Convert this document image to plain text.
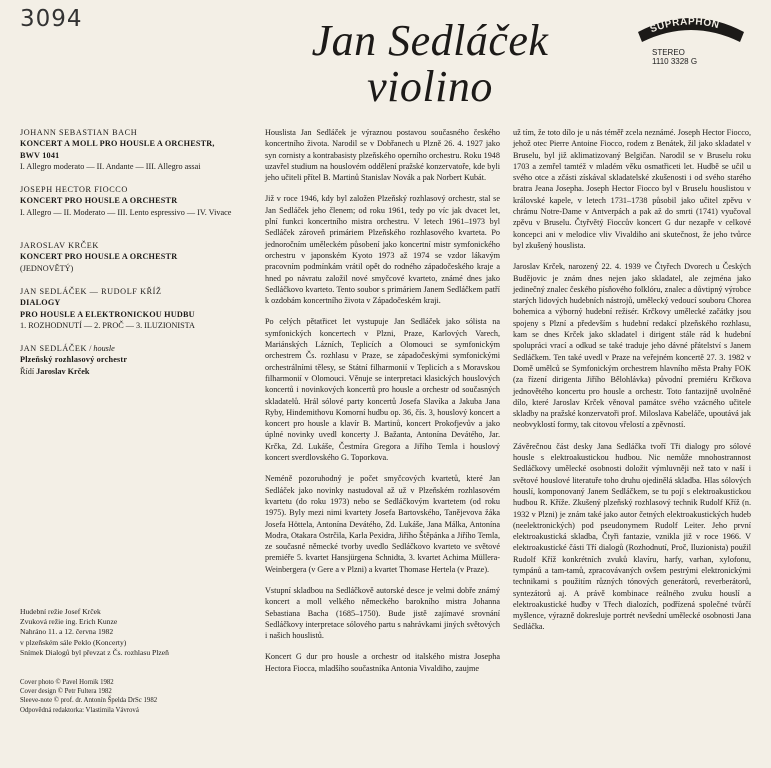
3094	Jan Sedláček
violino
SUPRAPHON
STEREO
1110 3328 G
JOHANN SEBASTIAN BACH
KONCERT A MOLL PRO HOUSLE A ORCHESTR,
BWV 1041
I. Allegro moderato — II. Andante — III. Allegro assai
JOSEPH HECTOR FIOCCO
KONCERT PRO HOUSLE A ORCHESTR
I. Allegro — II. Moderato — III. Lento espressivo — IV. Vivace
JAROSLAV KRČEK
KONCERT PRO HOUSLE A ORCHESTR
(JEDNOVĚTÝ)
JAN SEDLÁČEK — RUDOLF KŘÍŽ
DIALOGY
PRO HOUSLE A ELEKTRONICKOU HUDBU
1. ROZHODNUTÍ — 2. PROČ — 3. ILUZIONISTA
JAN SEDLÁČEK / housle
Plzeňský rozhlasový orchestr
Řídí Jaroslav Krček
Hudební režie Josef Krček
Zvuková režie ing. Erich Kunze
Nahráno 11. a 12. června 1982
v plzeňském sále Peklo (Koncerty)
Snímek Dialogů byl převzat z Čs. rozhlasu Plzeň
Cover photo © Pavel Hornik 1982
Cover design © Petr Fultera 1982
Sleeve-note © prof. dr. Antonín Špelda DrSc 1982
Odpovědná redaktorka: Vlastimila Vávrová

Houslista Jan Sedláček je výraznou postavou současného českého koncertního života. Narodil se v Dobřanech u Plzně 26. 4. 1927 jako syn cornisty a kontrabasisty plzeňského operního orchestru. Roku 1948 uzavřel studium na houslovém oddělení pražské konzervatoře, kde byli jeho učiteli přítel B. Martinů Stanislav Novák a pak Norbert Kubát.

Již v roce 1946, kdy byl založen Plzeňský rozhlasový orchestr, stal se Jan Sedláček jeho členem; od roku 1961, tedy po víc jak dvacet let, plní funkci koncertního mistra orchestru. V letech 1961–1973 byl Sedláček zároveň primáriem Plzeňského rozhlasového kvarteta. Po jednoročním uměleckém působení jako koncertní mistr symfonického orchestru v japonském Kyoto 1973 až 1974 se vzdor lákavým pracovním podmínkám vrátil opět do rodného západočeského kraje a hned po návratu založil nové smyčcové kvarteto, známé dnes jako Sedláčkovo kvarteto. Tento soubor s primáriem Janem Sedláčkem patří k ozdobám koncertního života v Západočeském kraji.

Po celých pětatřicet let vystupuje Jan Sedláček jako sólista na symfonických koncertech v Plzni, Praze, Karlových Varech, Mariánských Lázních, Teplicích a Olomouci se symfonickým orchestrem Čs. rozhlasu v Praze, se západočeskými symfonickými orchestrálními tělesy, se Státní filharmonií v Teplicích a s Moravskou filharmonií v Olomouci. Věnuje se interpretaci klasických houslových koncertů i novinkových koncertů pro housle a orchestr od současných skladatelů. Hrál sólové party koncertů Josefa Slavíka a Jakuba Jana Ryby, Hindemithovu Komorní hudbu op. 36, čís. 3, houslový koncert a koncert pro housle a klavír B. Martinů, koncert Prokofjevův a jako úplné novinky uvedl koncerty J. Bažanta, Antonína Devátého, Jar. Krčka, Zd. Lukáše, Čestmíra Gregora a Jiřího Temla i houslový koncert sverdlovského G. Toporkova.

Neméně pozoruhodný je počet smyčcových kvartetů, které Jan Sedláček jako novinky nastudoval až už v Plzeňském rozhlasovém kvartetu (do roku 1973) nebo se Sedláčkovým kvartetem (od roku 1975). Byly mezi nimi kvartety Josefa Bartovského, Tanějevova žáka Josefa Höttela, Antonína Devátého, Zd. Lukáše, Jana Málka, Antonína Modra, Otakara Ostrčila, Karla Pexidra, Jiřího Štěpánka a Jiřího Temla, ze současné německé tvorby uvedlo Sedláčkovo kvarteto ve světové premiéře 5. kvartet Hansjürgena Schnidta, 3. kvartet Achima Müllera-Weinbergera (v Gere a v Plzni) a kvartet Thomase Hertela (v Praze).

Vstupní skladbou na Sedláčkově autorské desce je velmi dobře známý koncert a moll velkého německého barokního mistra Johanna Sebastiana Bacha (1685–1750). Bude jistě zajímavé srovnání Sedláčkovy interpretace sólového partu s nahrávkami jiných světových i našich houslistů.

Koncert G dur pro housle a orchestr od italského mistra Josepha Hectora Fiocca, mladšího součastníka Antonia Vivaldiho, zaujme

už tím, že toto dílo je u nás téměř zcela neznámé. Joseph Hector Fiocco, jehož otec Pierre Antoine Fiocco, rodem z Benátek, žil jako skladatel v Bruselu, byl již aklimatizovaný Belgičan. Narodil se v Bruselu roku 1703 a zemřel tamtéž v mladém věku osmatřiceti let. Hudbě se učil u svého otce a zčásti získával skladatelské zkušenosti i od svého starého bratra Jeana Josepha. Joseph Hector Fiocco byl v Bruselu houslistou v královské kapele, v letech 1731–1738 působil jako učitel zpěvu v chrámu Notre-Dame v Antverpách a pak až do smrti (1741) vyučoval zpěvu v Bruselu. Čtyřvětý Fioccův koncert G dur nezapře v celkové koncepci ani v melodice vliv Vivaldiho ani skutečnost, že jeho tvůrce byl zkušený houslista.

Jaroslav Krček, narozený 22. 4. 1939 ve Čtyřech Dvorech u Českých Budějovic je znám dnes nejen jako skladatel, ale zejména jako jedinečný znalec českého písňového folklóru, znalec a důvtipný výrobce starých lidových hudebních nástrojů, umělecký vedoucí souboru Chorea bohemica a výborný hudební režisér. Krčkovy umělecké začátky jsou spojeny s Plzní a především s hudební redakcí plzeňského rozhlasu, kam se dnes Krček jako skladatel i dirigent stále rád k hudební spolupráci vrací a odkud se také traduje jeho dávné přátelství s Janem Sedláčkem. Ten také uvedl v Praze na veřejném koncertě 27. 3. 1982 v Domě umělců se Symfonickým orchestrem hlavního města Prahy FOK (za řízení dirigenta Jiřího Bělohlávka) původní premiéru Krčkova jednovětého koncertu pro housle a orchestr. Toto fantazijně uvolněné dílo, které Jaroslav Krček věnoval památce svého vzácného učitele skladby na pražské konzervatoři prof. Miloslava Kabeláče, upoutává jak neobvyklostí formy, tak citovou vřelostí a zpěvností.

Závěrečnou část desky Jana Sedláčka tvoří Tři dialogy pro sólové housle s elektroakustickou hudbou. Nic nemůže mnohostrannost Sedláčkovy umělecké osobnosti doložit výmluvněji než tato v naší i světové houslové literatuře toho druhu ojedinělá skladba. Hlas sólových houslí, komponovaný Janem Sedláčkem, se tu pojí s elektroakustickou hudbou R. Kříže. Zkušený plzeňský rozhlasový technik Rudolf Kříž (n. 1932 v Plzni) je znám také jako autor četných elektroakustických hudeb (neelektronických) pod pseudonymem Rudolf Leiter. Jeho první elektroakustická skladba, Čtyři fantazie, vznikla již v roce 1966. V elektroakustické části Tří dialogů (Rozhodnutí, Proč, Iluzionista) použil Rudolf Kříž konkrétních zvuků klavíru, harfy, varhan, xylofonu, tympánů a tam-tamů, zpracovávaných ovšem pestrými elektronickými technikami s použitím různých tónových generátorů, reverberátorů, syntezátorů aj. A právě kombinace reálného zvuku houslí a elektroakustické hudby v Třech dialozích, podřízená společné tvůrčí myšlence, výrazně dokresluje portrét nevšední umělecké osobnosti Jana Sedláčka.
